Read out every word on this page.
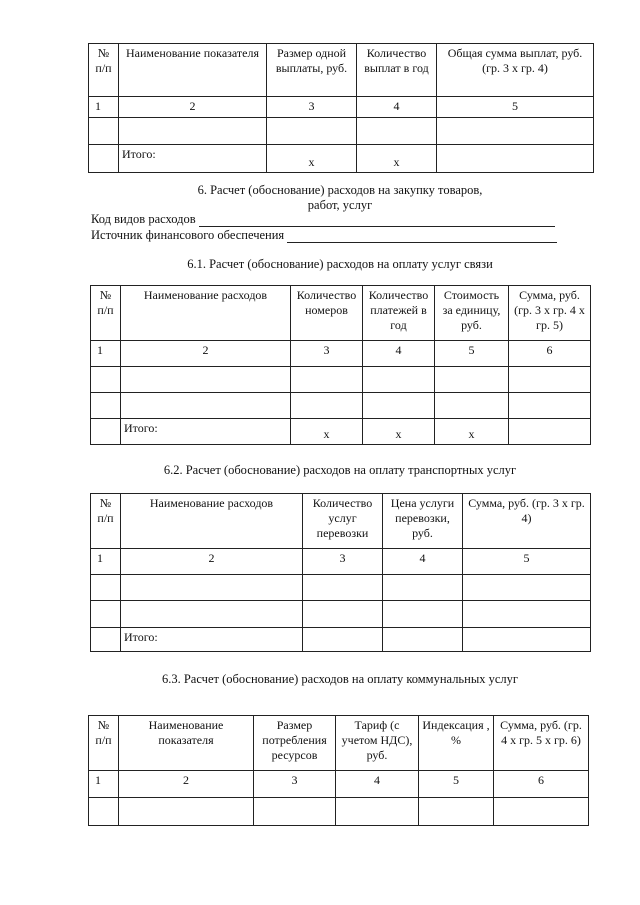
№ п/п	Наименование показателя	Размер одной выплаты, руб.	Количество выплат в год	Общая сумма выплат, руб. (гр. 3 х гр. 4)
1	2	3	4	5

	Итого:	х	х	
6. Расчет (обоснование) расходов на закупку товаров,
работ, услуг
Код видов расходов
Источник финансового обеспечения
6.1. Расчет (обоснование) расходов на оплату услуг связи
№ п/п	Наименование расходов	Количество номеров	Количество платежей в год	Стоимость за единицу, руб.	Сумма, руб. (гр. 3 х гр. 4 х гр. 5)
1	2	3	4	5	6

	Итого:	х	х	х	
6.2. Расчет (обоснование) расходов на оплату транспортных услуг
№ п/п	Наименование расходов	Количество услуг перевозки	Цена услуги перевозки, руб.	Сумма, руб. (гр. 3 х гр. 4)
1	2	3	4	5

	Итого:			
6.3. Расчет (обоснование) расходов на оплату коммунальных услуг
№ п/п	Наименование показателя	Размер потребления ресурсов	Тариф (с учетом НДС), руб.	Индексация , %	Сумма, руб. (гр. 4 х гр. 5 х гр. 6)
1	2	3	4	5	6
